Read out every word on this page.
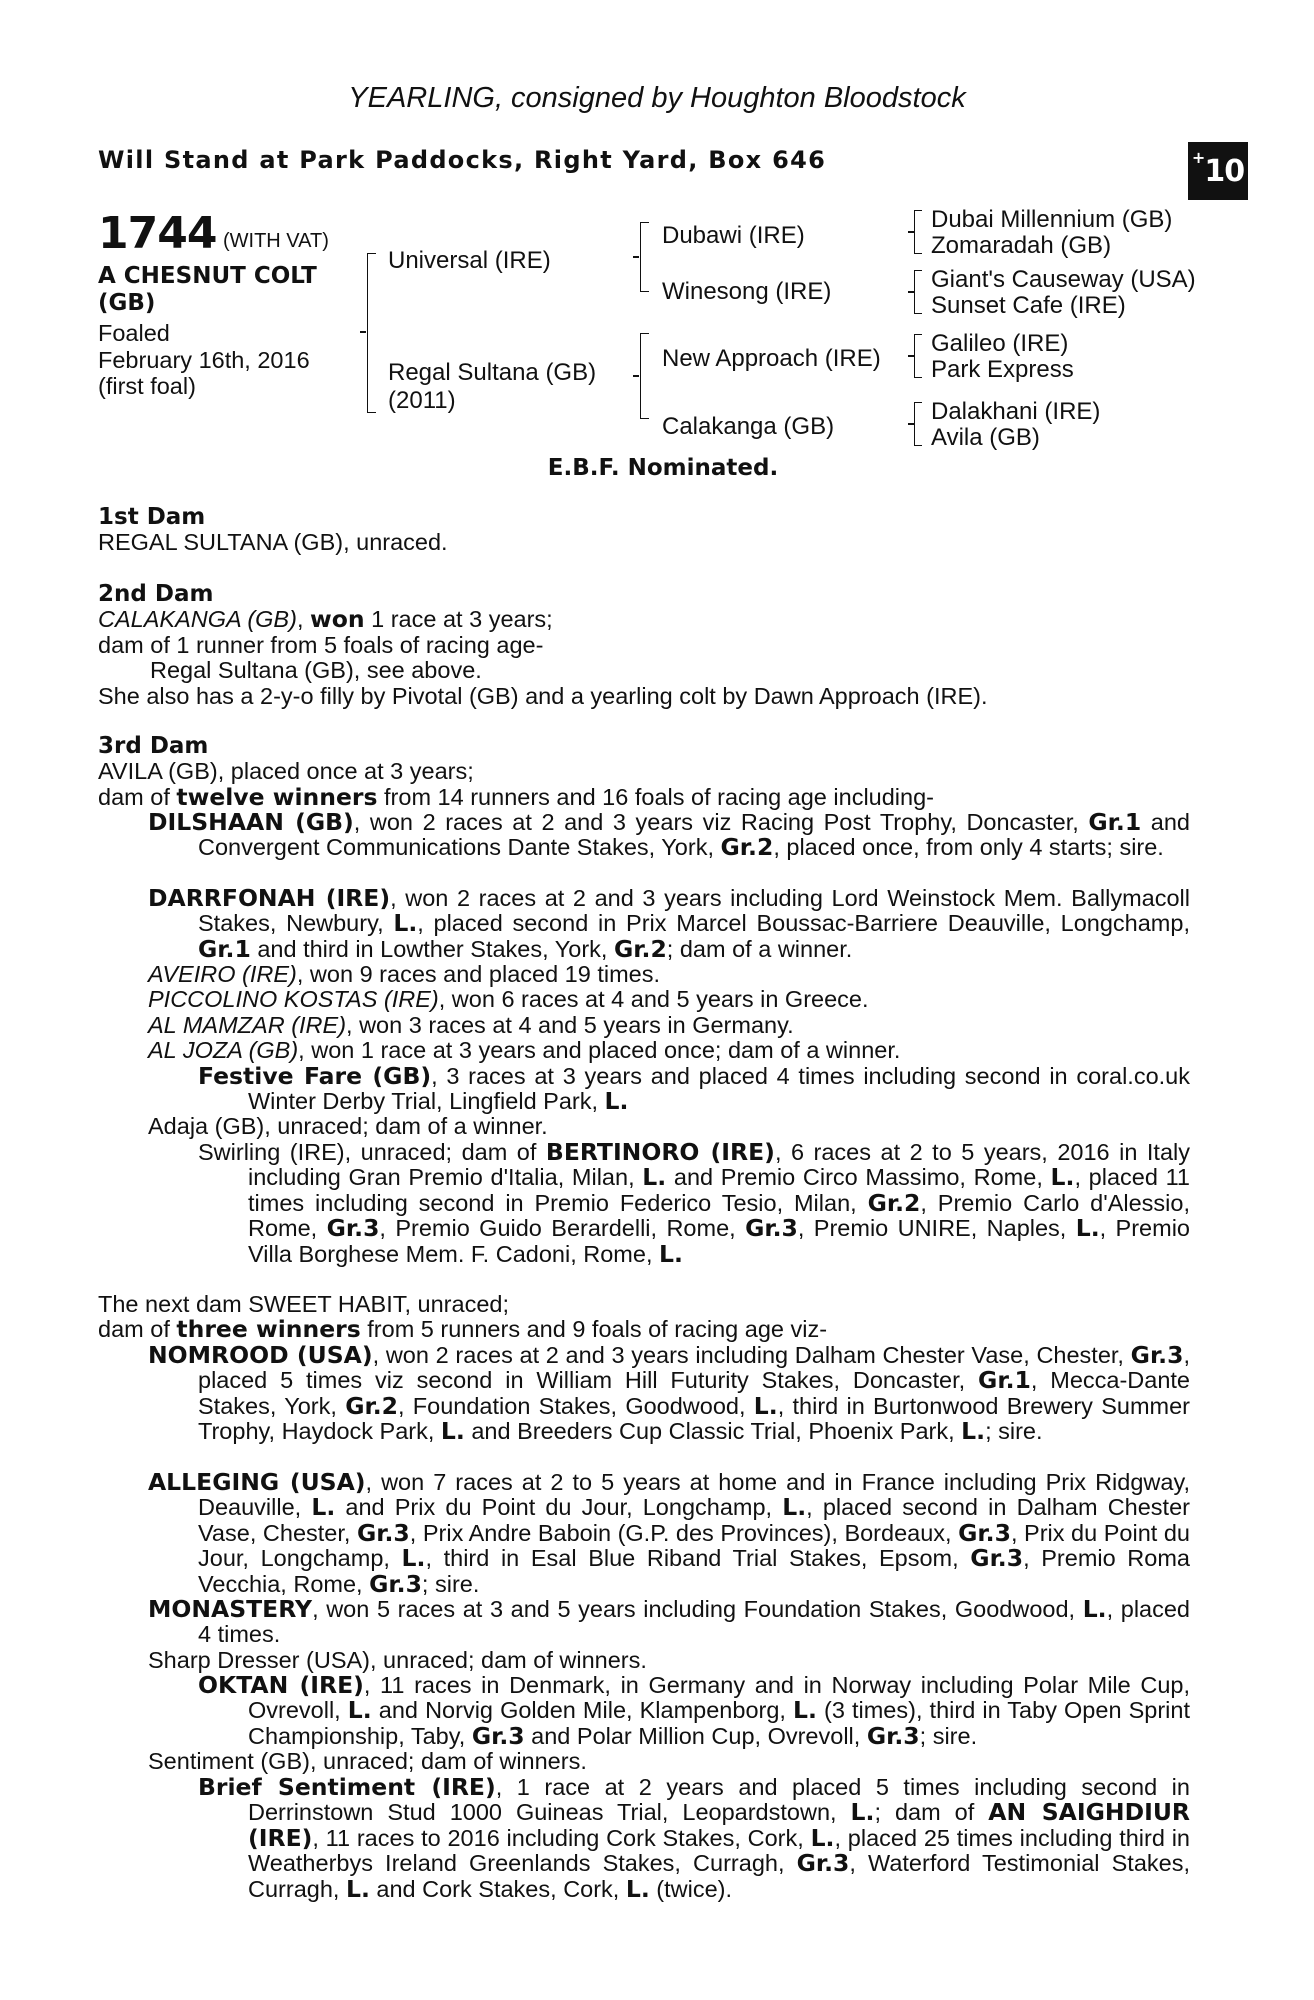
YEARLING, consigned by Houghton Bloodstock
Will Stand at Park Paddocks, Right Yard, Box 646	+ 10
1744 (WITH VAT)
A CHESNUT COLT
(GB)
Foaled
February 16th, 2016
(first foal)
Universal (IRE)
Regal Sultana (GB)
(2011)
Dubawi (IRE)
Winesong (IRE)
New Approach (IRE)
Calakanga (GB)
Dubai Millennium (GB)
Zomaradah (GB)
Giant's Causeway (USA)
Sunset Cafe (IRE)
Galileo (IRE)
Park Express
Dalakhani (IRE)
Avila (GB)
E.B.F. Nominated.
1st Dam
REGAL SULTANA (GB), unraced.
2nd Dam
CALAKANGA (GB), won 1 race at 3 years;
dam of 1 runner from 5 foals of racing age-
Regal Sultana (GB), see above.
She also has a 2-y-o filly by Pivotal (GB) and a yearling colt by Dawn Approach (IRE).
3rd Dam
AVILA (GB), placed once at 3 years;
dam of twelve winners from 14 runners and 16 foals of racing age including-
DILSHAAN (GB), won 2 races at 2 and 3 years viz Racing Post Trophy, Doncaster, Gr.1 and Convergent Communications Dante Stakes, York, Gr.2, placed once, from only 4 starts; sire.
DARRFONAH (IRE), won 2 races at 2 and 3 years including Lord Weinstock Mem. Ballymacoll Stakes, Newbury, L., placed second in Prix Marcel Boussac-Barriere Deauville, Longchamp, Gr.1 and third in Lowther Stakes, York, Gr.2; dam of a winner.
AVEIRO (IRE), won 9 races and placed 19 times.
PICCOLINO KOSTAS (IRE), won 6 races at 4 and 5 years in Greece.
AL MAMZAR (IRE), won 3 races at 4 and 5 years in Germany.
AL JOZA (GB), won 1 race at 3 years and placed once; dam of a winner.
Festive Fare (GB), 3 races at 3 years and placed 4 times including second in coral.co.uk Winter Derby Trial, Lingfield Park, L.
Adaja (GB), unraced; dam of a winner.
Swirling (IRE), unraced; dam of BERTINORO (IRE), 6 races at 2 to 5 years, 2016 in Italy including Gran Premio d'Italia, Milan, L. and Premio Circo Massimo, Rome, L., placed 11 times including second in Premio Federico Tesio, Milan, Gr.2, Premio Carlo d'Alessio, Rome, Gr.3, Premio Guido Berardelli, Rome, Gr.3, Premio UNIRE, Naples, L., Premio Villa Borghese Mem. F. Cadoni, Rome, L.
The next dam SWEET HABIT, unraced;
dam of three winners from 5 runners and 9 foals of racing age viz-
NOMROOD (USA), won 2 races at 2 and 3 years including Dalham Chester Vase, Chester, Gr.3, placed 5 times viz second in William Hill Futurity Stakes, Doncaster, Gr.1, Mecca-Dante Stakes, York, Gr.2, Foundation Stakes, Goodwood, L., third in Burtonwood Brewery Summer Trophy, Haydock Park, L. and Breeders Cup Classic Trial, Phoenix Park, L.; sire.
ALLEGING (USA), won 7 races at 2 to 5 years at home and in France including Prix Ridgway, Deauville, L. and Prix du Point du Jour, Longchamp, L., placed second in Dalham Chester Vase, Chester, Gr.3, Prix Andre Baboin (G.P. des Provinces), Bordeaux, Gr.3, Prix du Point du Jour, Longchamp, L., third in Esal Blue Riband Trial Stakes, Epsom, Gr.3, Premio Roma Vecchia, Rome, Gr.3; sire.
MONASTERY, won 5 races at 3 and 5 years including Foundation Stakes, Goodwood, L., placed 4 times.
Sharp Dresser (USA), unraced; dam of winners.
OKTAN (IRE), 11 races in Denmark, in Germany and in Norway including Polar Mile Cup, Ovrevoll, L. and Norvig Golden Mile, Klampenborg, L. (3 times), third in Taby Open Sprint Championship, Taby, Gr.3 and Polar Million Cup, Ovrevoll, Gr.3; sire.
Sentiment (GB), unraced; dam of winners.
Brief Sentiment (IRE), 1 race at 2 years and placed 5 times including second in Derrinstown Stud 1000 Guineas Trial, Leopardstown, L.; dam of AN SAIGHDIUR (IRE), 11 races to 2016 including Cork Stakes, Cork, L., placed 25 times including third in Weatherbys Ireland Greenlands Stakes, Curragh, Gr.3, Waterford Testimonial Stakes, Curragh, L. and Cork Stakes, Cork, L. (twice).
